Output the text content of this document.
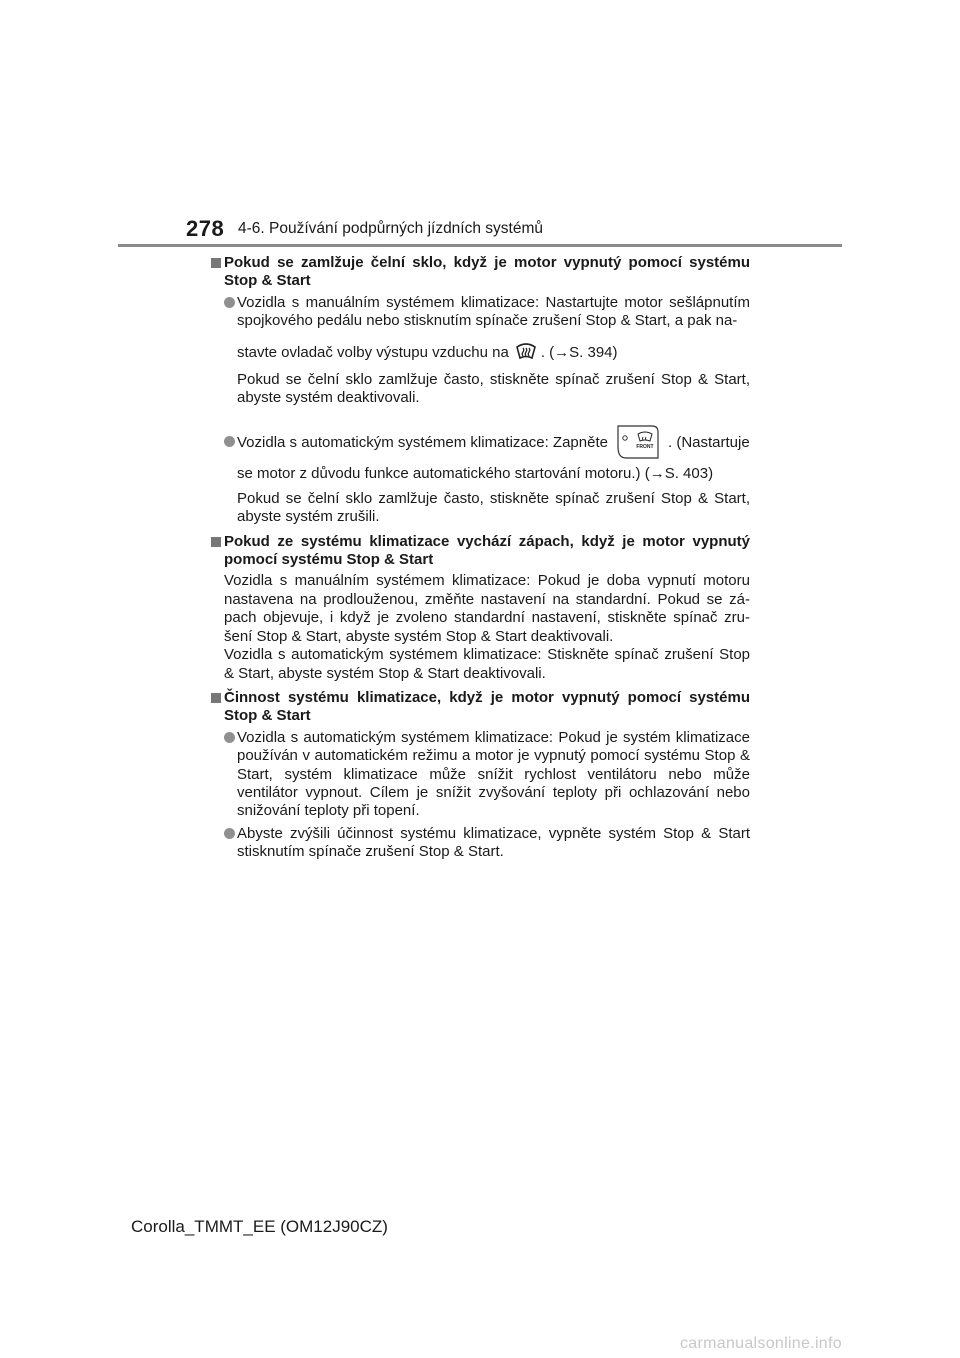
278 4-6. Používání podpůrných jízdních systémů
Pokud se zamlžuje čelní sklo, když je motor vypnutý pomocí systému Stop & Start
Vozidla s manuálním systémem klimatizace: Nastartujte motor sešlápnutím spojkového pedálu nebo stisknutím spínače zrušení Stop & Start, a pak na-
stavte ovladač volby výstupu vzduchu na . (→S. 394)
Pokud se čelní sklo zamlžuje často, stiskněte spínač zrušení Stop & Start, abyste systém deaktivovali.
Vozidla s automatickým systémem klimatizace: Zapněte	FRONT . (Nastartuje
se motor z důvodu funkce automatického startování motoru.) (→S. 403)
Pokud se čelní sklo zamlžuje často, stiskněte spínač zrušení Stop & Start, abyste systém zrušili.
Pokud ze systému klimatizace vychází zápach, když je motor vypnutý pomocí systému Stop & Start
Vozidla s manuálním systémem klimatizace: Pokud je doba vypnutí motoru nastavena na prodlouženou, změňte nastavení na standardní. Pokud se zá-pach objevuje, i když je zvoleno standardní nastavení, stiskněte spínač zru-šení Stop & Start, abyste systém Stop & Start deaktivovali.
Vozidla s automatickým systémem klimatizace: Stiskněte spínač zrušení Stop & Start, abyste systém Stop & Start deaktivovali.
Činnost systému klimatizace, když je motor vypnutý pomocí systému Stop & Start
Vozidla s automatickým systémem klimatizace: Pokud je systém klimatizace používán v automatickém režimu a motor je vypnutý pomocí systému Stop & Start, systém klimatizace může snížit rychlost ventilátoru nebo může ventilátor vypnout. Cílem je snížit zvyšování teploty při ochlazování nebo snižování teploty při topení.
Abyste zvýšili účinnost systému klimatizace, vypněte systém Stop & Start stisknutím spínače zrušení Stop & Start.
Corolla_TMMT_EE (OM12J90CZ)
carmanualsonline.info
